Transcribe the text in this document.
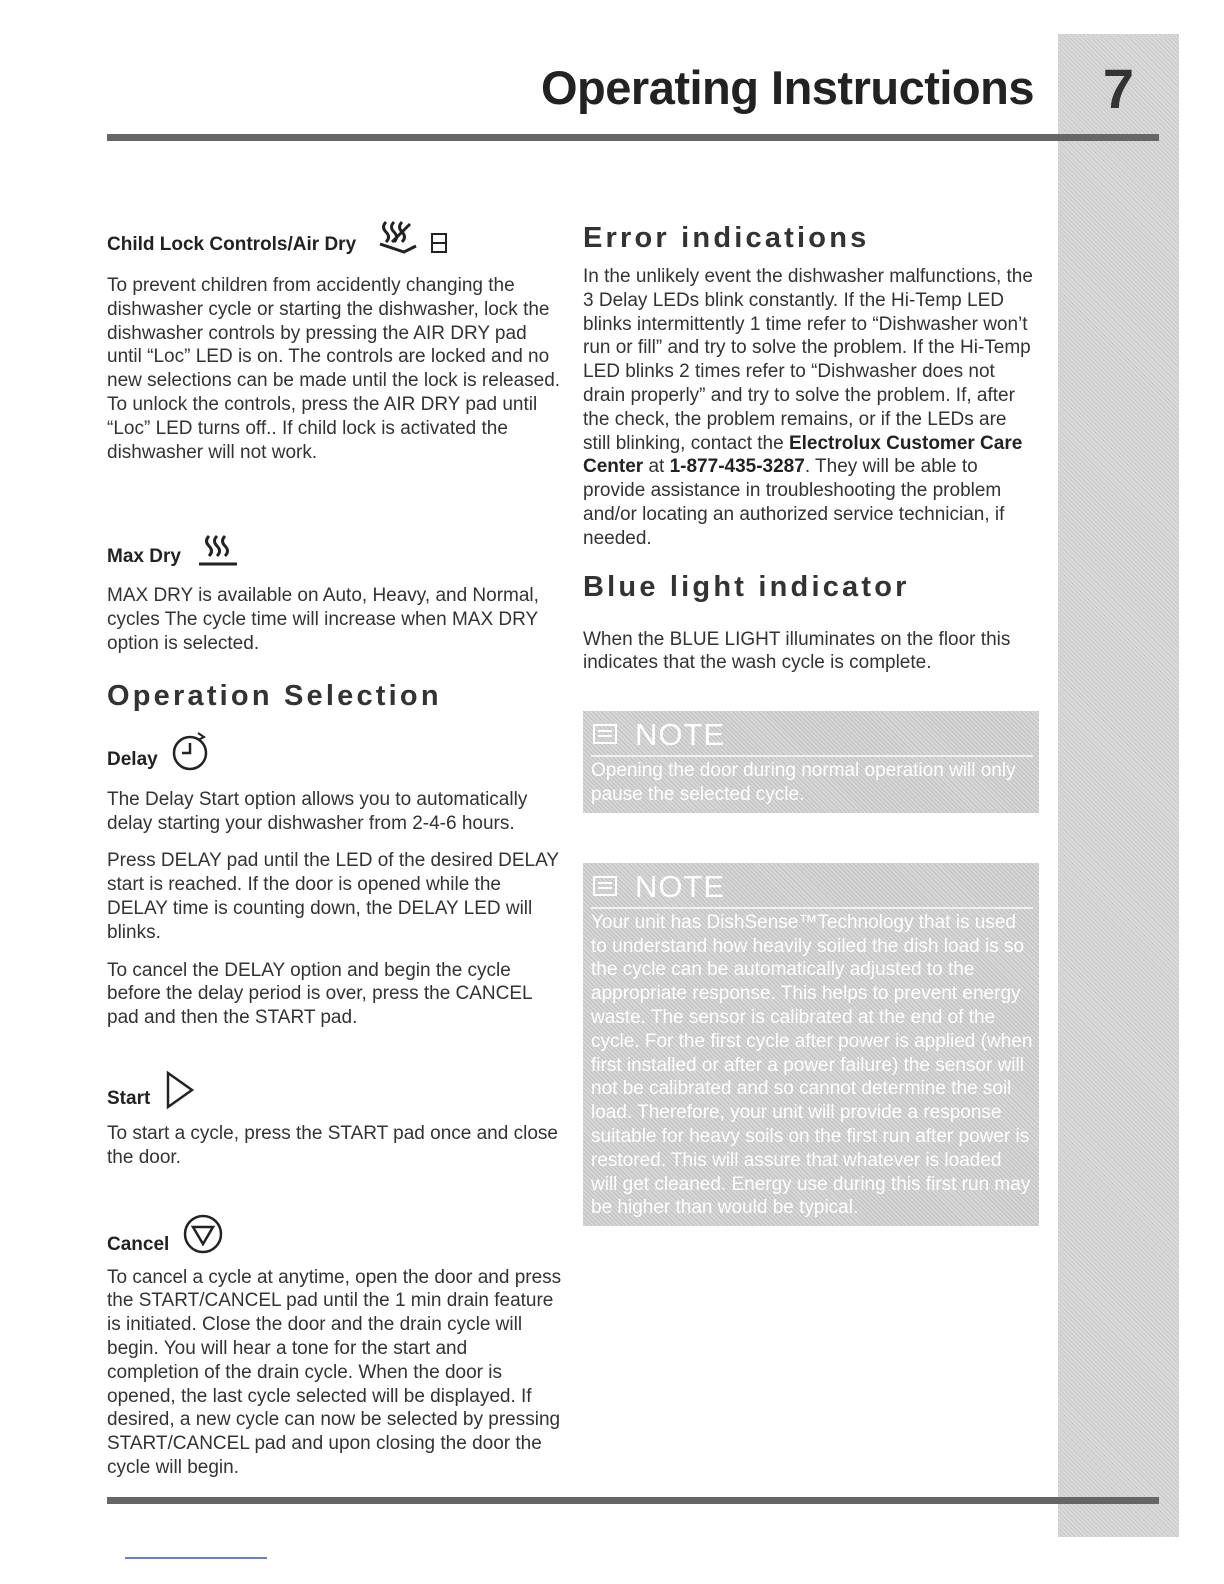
7
Operating Instructions
Child Lock Controls/Air Dry

To prevent children from accidently changing the dishwasher cycle or starting the dishwasher, lock the dishwasher controls by pressing the AIR DRY pad until “Loc” LED is on. The controls are locked and no new selections can be made until the lock is released. To unlock the controls, press the AIR DRY pad until “Loc” LED turns off.. If child lock is activated the dishwasher will not work.

Max Dry

MAX DRY is available on Auto, Heavy, and Normal, cycles The cycle time will increase when MAX DRY option is selected.

Operation Selection
Delay

The Delay Start option allows you to automatically delay starting your dishwasher from 2-4-6 hours.

Press DELAY pad until the LED of the desired DELAY start is reached. If the door is opened while the DELAY time is counting down, the DELAY LED will blinks.

To cancel the DELAY option and begin the cycle before the delay period is over, press the CANCEL pad and then the START pad.

Start

To start a cycle, press the START pad once and close the door.

Cancel

To cancel a cycle at anytime, open the door and press the START/CANCEL pad until the 1 min drain feature is initiated. Close the door and the drain cycle will begin. You will hear a tone for the start and completion of the drain cycle. When the door is opened, the last cycle selected will be displayed. If desired, a new cycle can now be selected by pressing START/CANCEL pad and upon closing the door the cycle will begin.

Error indications

In the unlikely event the dishwasher malfunctions, the 3 Delay LEDs blink constantly. If the Hi-Temp LED blinks intermittently 1 time refer to “Dishwasher won’t run or fill” and try to solve the problem. If the Hi-Temp LED blinks 2 times refer to “Dishwasher does not drain properly” and try to solve the problem. If, after the check, the problem remains, or if the LEDs are still blinking, contact the Electrolux Customer Care Center at 1-877-435-3287. They will be able to provide assistance in troubleshooting the problem and/or locating an authorized service technician, if needed.

Blue light indicator

When the BLUE LIGHT illuminates on the floor this indicates that the wash cycle is complete.

NOTE

Opening the door during normal operation will only pause the selected cycle.

NOTE

Your unit has DishSense™Technology that is used to understand how heavily soiled the dish load is so the cycle can be automatically adjusted to the appropriate response. This helps to prevent energy waste. The sensor is calibrated at the end of the cycle. For the first cycle after power is applied (when first installed or after a power failure) the sensor will not be calibrated and so cannot determine the soil load. Therefore, your unit will provide a response suitable for heavy soils on the first run after power is restored. This will assure that whatever is loaded will get cleaned. Energy use during this first run may be higher than would be typical.
